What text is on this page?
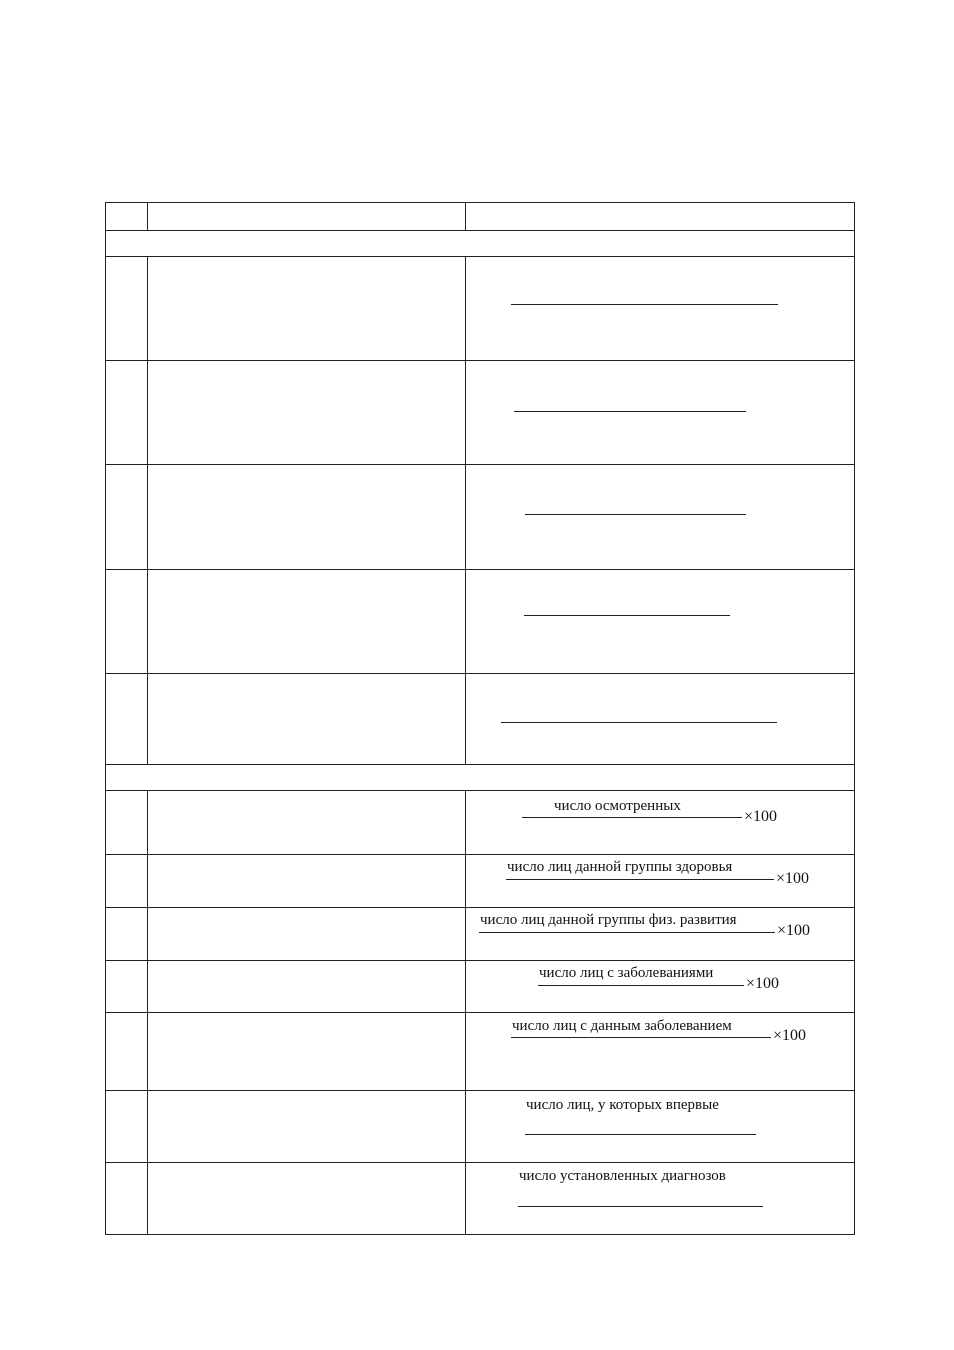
число осмотренных
×100
число лиц данной группы здоровья
×100
число лиц данной группы физ. развития
×100
число лиц с заболеваниями
×100
число лиц с данным заболеванием
×100
число лиц, у которых впервые
число установленных диагнозов
